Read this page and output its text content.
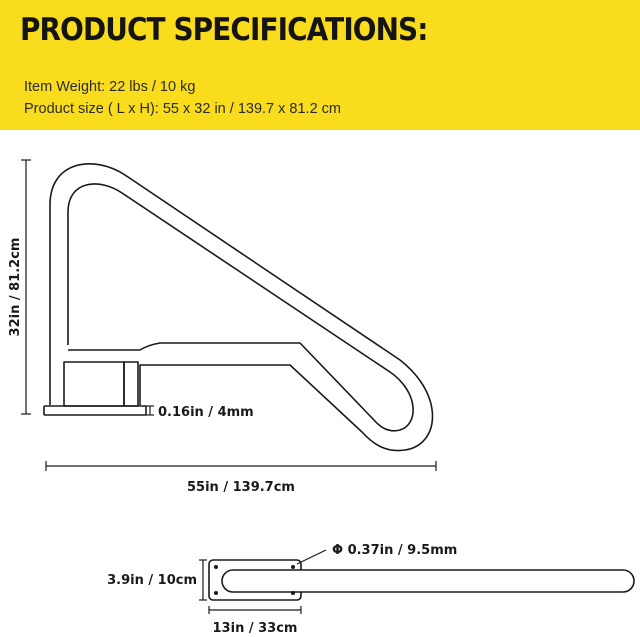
PRODUCT SPECIFICATIONS:
Item Weight: 22 lbs / 10 kg
Product size ( L x H): 55 x 32 in / 139.7 x 81.2 cm
32in / 81.2cm
0.16in / 4mm
55in / 139.7cm
Φ 0.37in / 9.5mm
3.9in / 10cm
13in / 33cm
